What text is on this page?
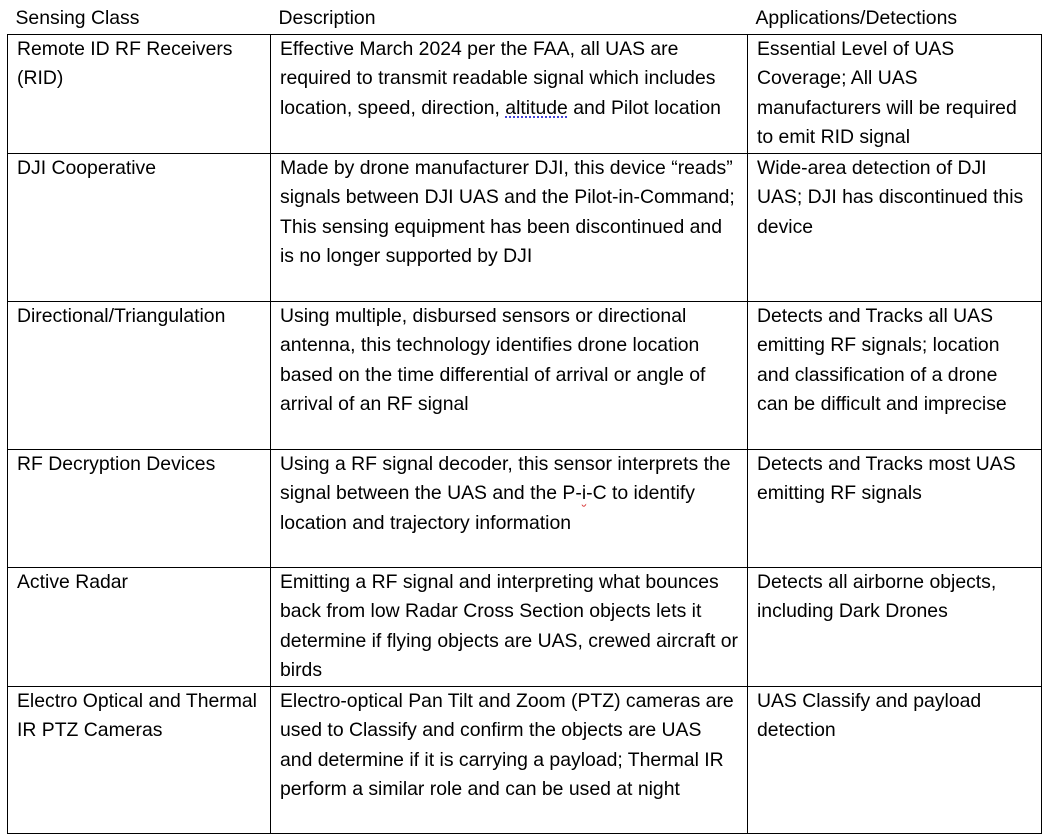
Sensing Class	Description	Applications/Detections
Remote ID RF Receivers (RID)	Effective March 2024 per the FAA, all UAS are required to transmit readable signal which includes location, speed, direction, altitude and Pilot location	Essential Level of UAS Coverage; All UAS manufacturers will be required to emit RID signal
DJI Cooperative	Made by drone manufacturer DJI, this device “reads” signals between DJI UAS and the Pilot-in-Command; This sensing equipment has been discontinued and is no longer supported by DJI	Wide-area detection of DJI UAS; DJI has discontinued this device
Directional/Triangulation	Using multiple, disbursed sensors or directional antenna, this technology identifies drone location based on the time differential of arrival or angle of arrival of an RF signal	Detects and Tracks all UAS emitting RF signals; location and classification of a drone can be difficult and imprecise
RF Decryption Devices	Using a RF signal decoder, this sensor interprets the signal between the UAS and the P-i-C to identify location and trajectory information	Detects and Tracks most UAS emitting RF signals
Active Radar	Emitting a RF signal and interpreting what bounces back from low Radar Cross Section objects lets it determine if flying objects are UAS, crewed aircraft or birds	Detects all airborne objects, including Dark Drones
Electro Optical and Thermal IR PTZ Cameras	Electro-optical Pan Tilt and Zoom (PTZ) cameras are used to Classify and confirm the objects are UAS and determine if it is carrying a payload; Thermal IR perform a similar role and can be used at night	UAS Classify and payload detection
